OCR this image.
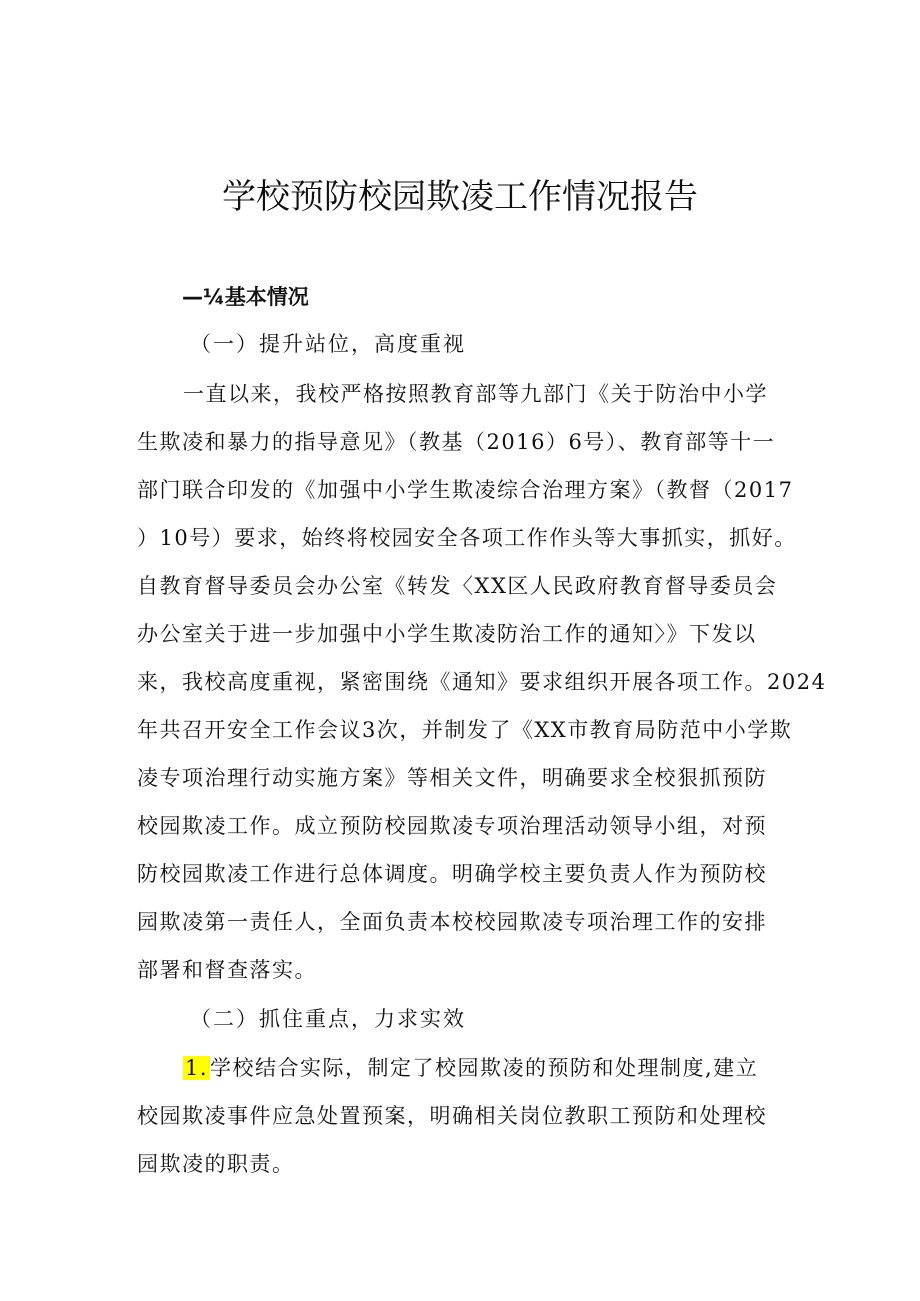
学校预防校园欺凌工作情况报告
—¼基本情况
（一）提升站位，高度重视
一直以来，我校严格按照教育部等九部门《关于防治中小学
生欺凌和暴力的指导意见》（教基（2016）6号）、教育部等十一
部门联合印发的《加强中小学生欺凌综合治理方案》（教督（2017
）10号）要求，始终将校园安全各项工作作头等大事抓实，抓好。
自教育督导委员会办公室《转发〈XX区人民政府教育督导委员会
办公室关于进一步加强中小学生欺凌防治工作的通知〉》下发以
来，我校高度重视，紧密围绕《通知》要求组织开展各项工作。2024
年共召开安全工作会议3次，并制发了《XX市教育局防范中小学欺
凌专项治理行动实施方案》等相关文件，明确要求全校狠抓预防
校园欺凌工作。成立预防校园欺凌专项治理活动领导小组，对预
防校园欺凌工作进行总体调度。明确学校主要负责人作为预防校
园欺凌第一责任人，全面负责本校校园欺凌专项治理工作的安排
部署和督查落实。
（二）抓住重点，力求实效
1.学校结合实际，制定了校园欺凌的预防和处理制度,建立
校园欺凌事件应急处置预案，明确相关岗位教职工预防和处理校
园欺凌的职责。
